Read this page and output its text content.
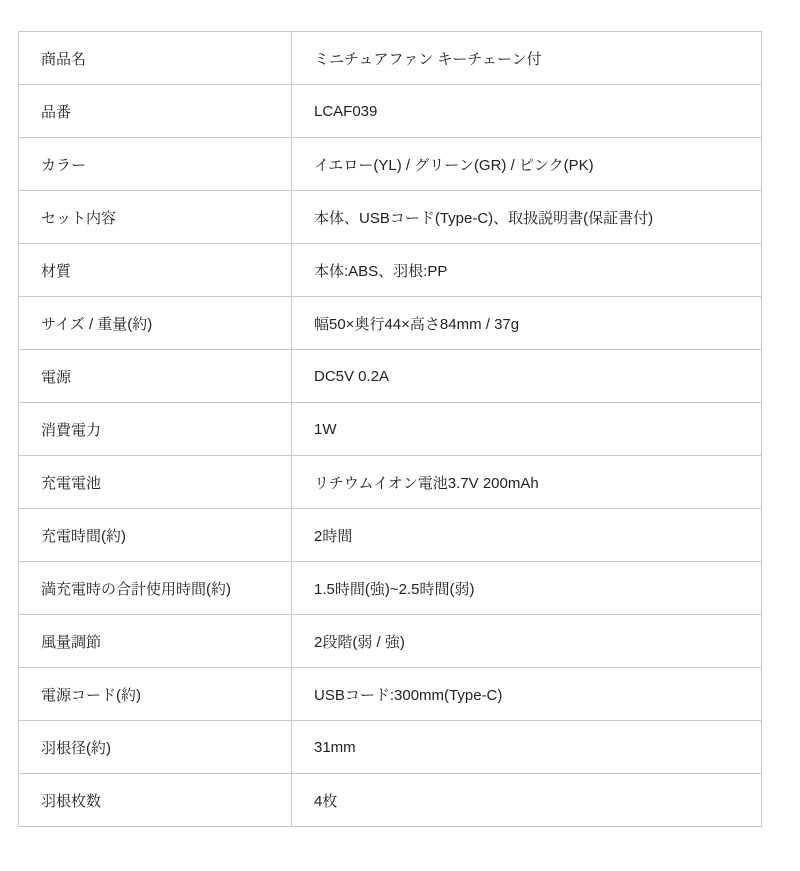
商品名	ミニチュアファン キーチェーン付
品番	LCAF039
カラー	イエロー(YL) / グリーン(GR) / ピンク(PK)
セット内容	本体、USBコード(Type-C)、取扱説明書(保証書付)
材質	本体:ABS、羽根:PP
サイズ / 重量(約)	幅50×奥行44×高さ84mm / 37g
電源	DC5V 0.2A
消費電力	1W
充電電池	リチウムイオン電池3.7V 200mAh
充電時間(約)	2時間
満充電時の合計使用時間(約)	1.5時間(強)~2.5時間(弱)
風量調節	2段階(弱 / 強)
電源コード(約)	USBコード:300mm(Type-C)
羽根径(約)	31mm
羽根枚数	4枚
